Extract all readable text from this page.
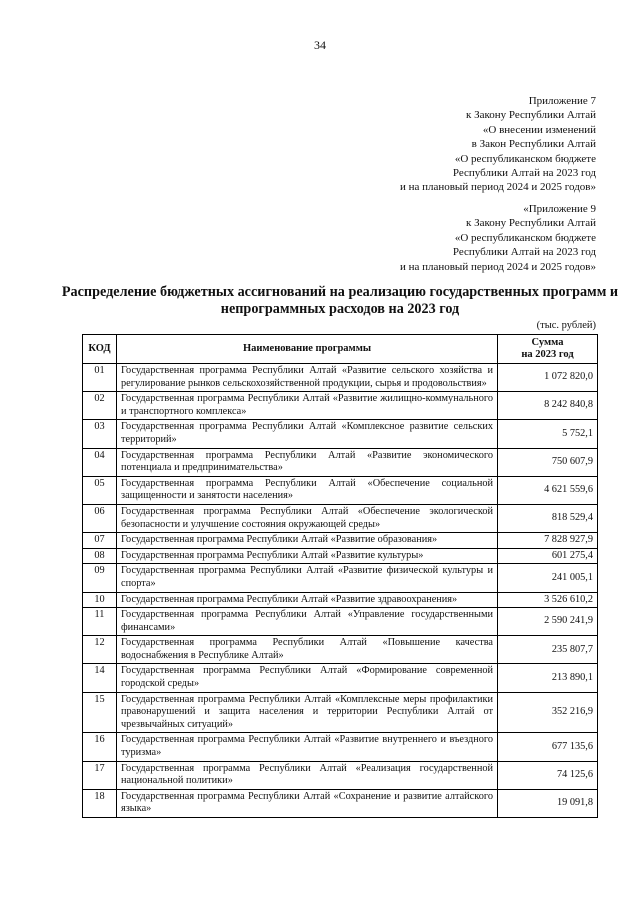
34
Приложение 7
к Закону Республики Алтай
«О внесении изменений
в Закон Республики Алтай
«О республиканском бюджете
Республики Алтай на 2023 год
и на плановый период 2024 и 2025 годов»
«Приложение 9
к Закону Республики Алтай
«О республиканском бюджете
Республики Алтай на 2023 год
и на плановый период 2024 и 2025 годов»
Распределение бюджетных ассигнований на реализацию государственных программ и непрограммных расходов на 2023 год
(тыс. рублей)
КОД	Наименование программы	Сумма
на 2023 год

01	Государственная программа Республики Алтай «Развитие сельского хозяйства и регулирование рынков сельскохозяйственной продукции, сырья и продовольствия»	1 072 820,0
02	Государственная программа Республики Алтай «Развитие жилищно-коммунального и транспортного комплекса»	8 242 840,8
03	Государственная программа Республики Алтай «Комплексное развитие сельских территорий»	5 752,1
04	Государственная программа Республики Алтай «Развитие экономического потенциала и предпринимательства»	750 607,9
05	Государственная программа Республики Алтай «Обеспечение социальной защищенности и занятости населения»	4 621 559,6
06	Государственная программа Республики Алтай «Обеспечение экологической безопасности и улучшение состояния окружающей среды»	818 529,4
07	Государственная программа Республики Алтай «Развитие образования»	7 828 927,9
08	Государственная программа Республики Алтай «Развитие культуры»	601 275,4
09	Государственная программа Республики Алтай «Развитие физической культуры и спорта»	241 005,1
10	Государственная программа Республики Алтай «Развитие здравоохранения»	3 526 610,2
11	Государственная программа Республики Алтай «Управление государственными финансами»	2 590 241,9
12	Государственная программа Республики Алтай «Повышение качества водоснабжения в Республике Алтай»	235 807,7
14	Государственная программа Республики Алтай «Формирование современной городской среды»	213 890,1
15	Государственная программа Республики Алтай «Комплексные меры профилактики правонарушений и защита населения и территории Республики Алтай от чрезвычайных ситуаций»	352 216,9
16	Государственная программа Республики Алтай «Развитие внутреннего и въездного туризма»	677 135,6
17	Государственная программа Республики Алтай «Реализация государственной национальной политики»	74 125,6
18	Государственная программа Республики Алтай «Сохранение и развитие алтайского языка»	19 091,8
